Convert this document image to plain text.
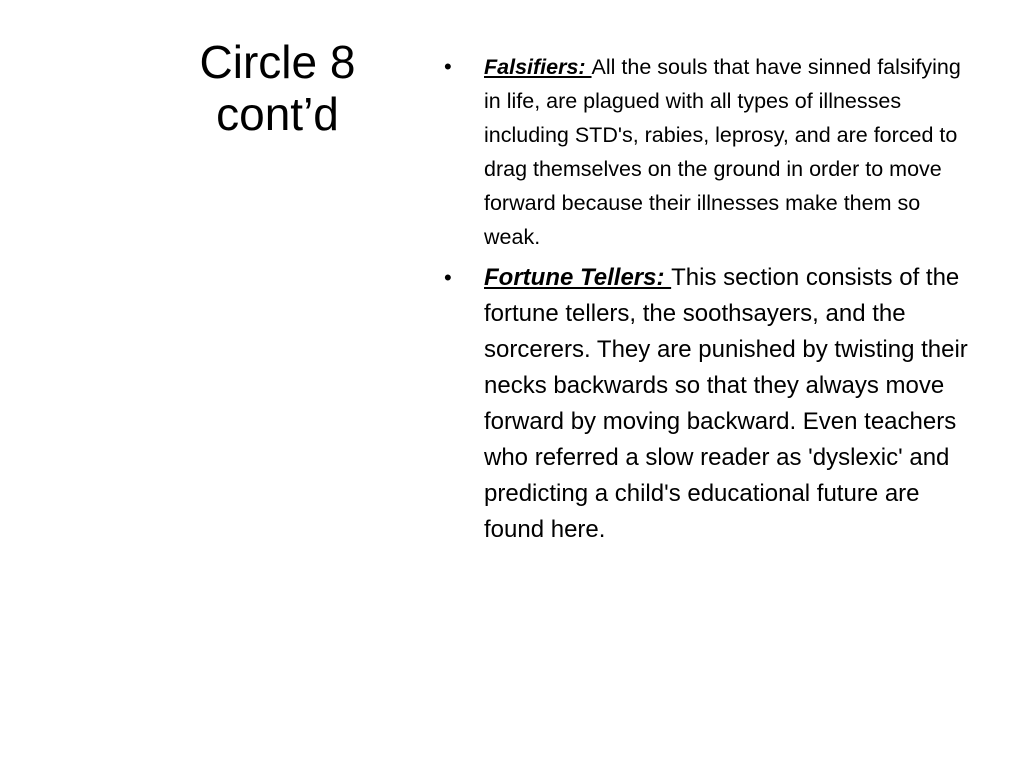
Circle 8
cont’d
• Falsifiers: All the souls that have sinned falsifying in life, are plagued with all types of illnesses including STD's, rabies, leprosy, and are forced to drag themselves on the ground in order to move forward because their illnesses make them so weak.
• Fortune Tellers: This section consists of the fortune tellers, the soothsayers, and the sorcerers. They are punished by twisting their necks backwards so that they always move forward by moving backward. Even teachers who referred a slow reader as 'dyslexic' and predicting a child's educational future are found here.
